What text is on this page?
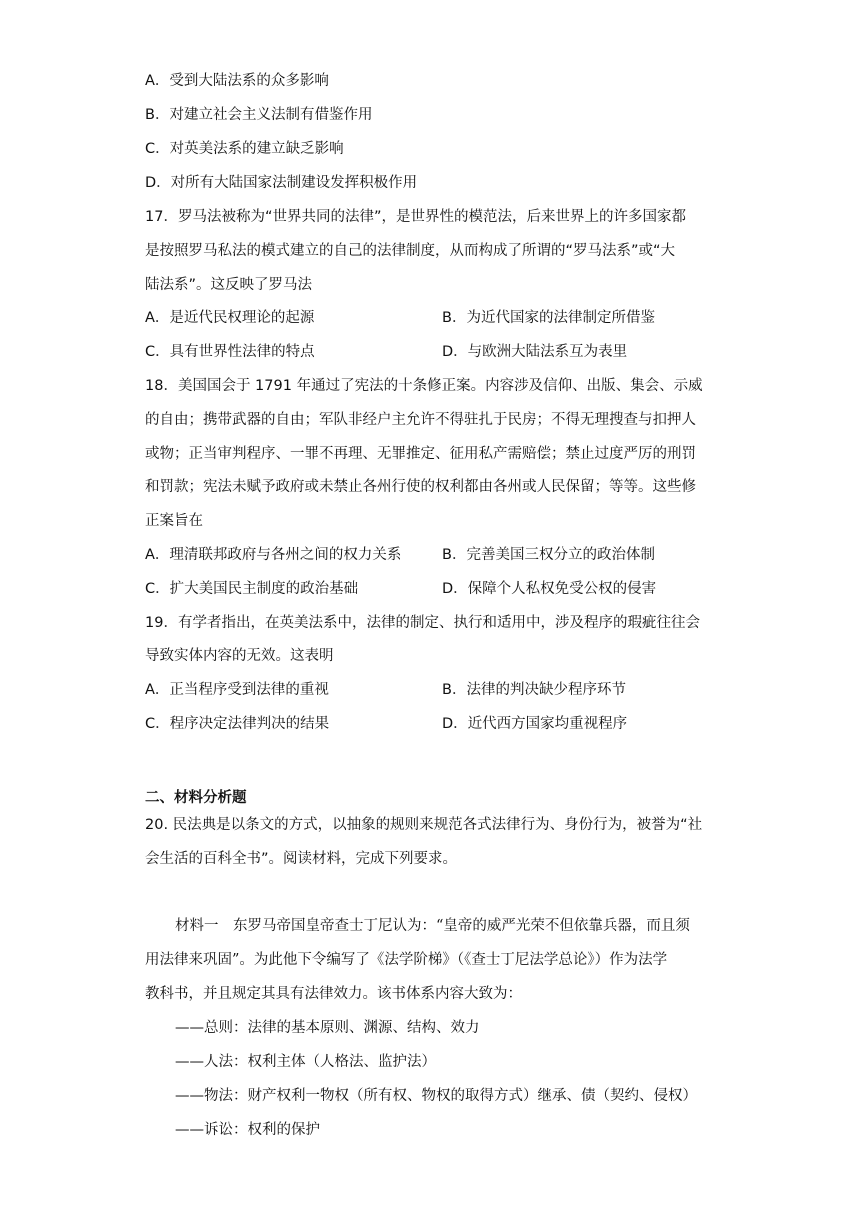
A．受到大陆法系的众多影响
B．对建立社会主义法制有借鉴作用
C．对英美法系的建立缺乏影响
D．对所有大陆国家法制建设发挥积极作用
17．罗马法被称为“世界共同的法律”，是世界性的模范法，后来世界上的许多国家都
是按照罗马私法的模式建立的自己的法律制度，从而构成了所谓的“罗马法系”或“大
陆法系”。这反映了罗马法
A．是近代民权理论的起源	B．为近代国家的法律制定所借鉴
C．具有世界性法律的特点	D．与欧洲大陆法系互为表里
18．美国国会于 1791 年通过了宪法的十条修正案。内容涉及信仰、出版、集会、示威
的自由；携带武器的自由；军队非经户主允许不得驻扎于民房；不得无理搜查与扣押人
或物；正当审判程序、一罪不再理、无罪推定、征用私产需赔偿；禁止过度严厉的刑罚
和罚款；宪法未赋予政府或未禁止各州行使的权利都由各州或人民保留；等等。这些修
正案旨在
A．理清联邦政府与各州之间的权力关系	B．完善美国三权分立的政治体制
C．扩大美国民主制度的政治基础	D．保障个人私权免受公权的侵害
19．有学者指出，在英美法系中，法律的制定、执行和适用中，涉及程序的瑕疵往往会
导致实体内容的无效。这表明
A．正当程序受到法律的重视	B．法律的判决缺少程序环节
C．程序决定法律判决的结果	D．近代西方国家均重视程序
二、材料分析题
20. 民法典是以条文的方式，以抽象的规则来规范各式法律行为、身份行为，被誉为“社
会生活的百科全书”。阅读材料，完成下列要求。
材料一　东罗马帝国皇帝查士丁尼认为：“皇帝的威严光荣不但依靠兵器，而且须
用法律来巩固”。为此他下令编写了《法学阶梯》（《查士丁尼法学总论》）作为法学
教科书，并且规定其具有法律效力。该书体系内容大致为：
——总则：法律的基本原则、渊源、结构、效力
——人法：权利主体（人格法、监护法）
——物法：财产权利一物权（所有权、物权的取得方式）继承、债（契约、侵权）
——诉讼：权利的保护
